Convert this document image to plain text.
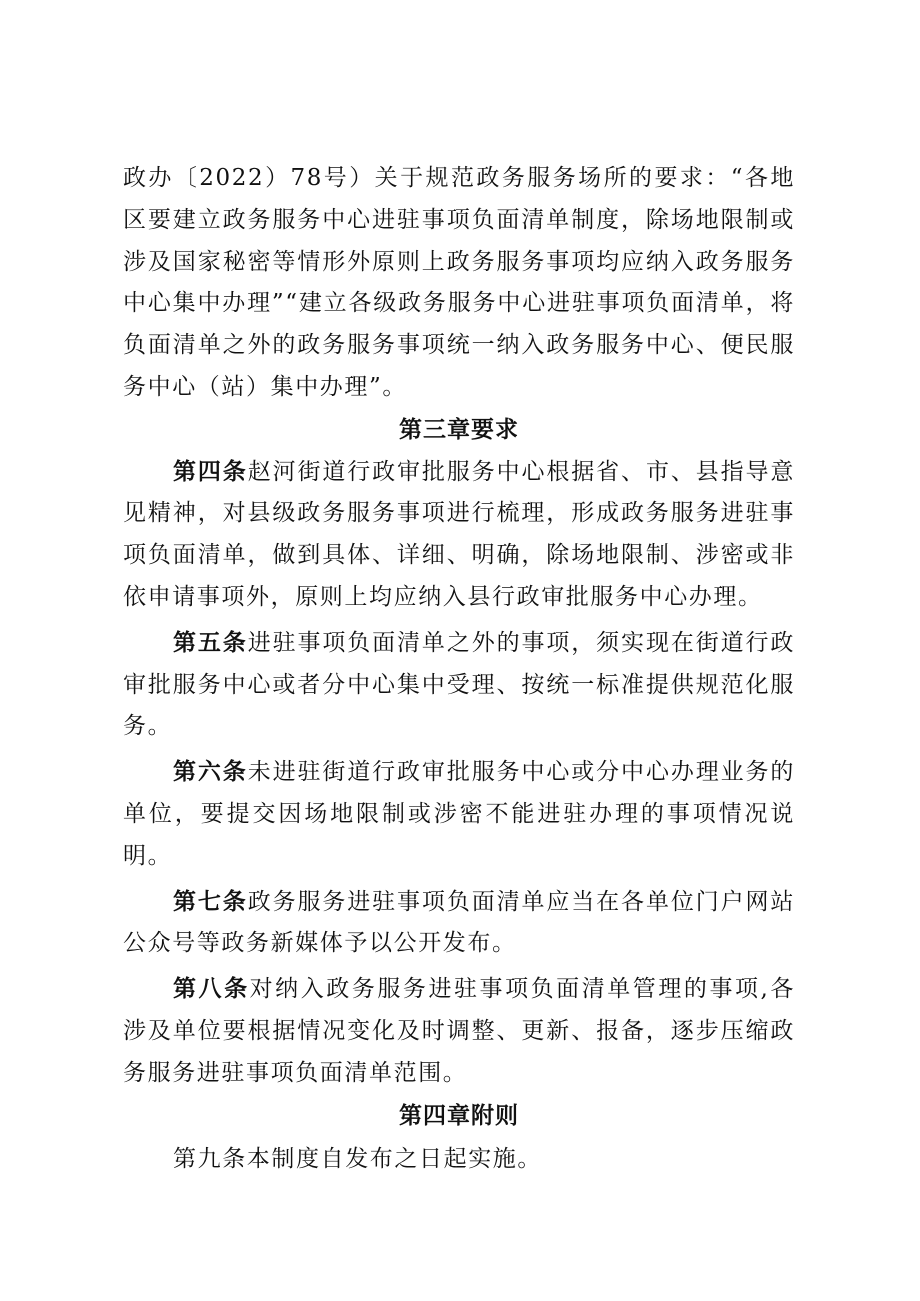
政办〔2022）78号）关于规范政务服务场所的要求：“各地区要建立政务服务中心进驻事项负面清单制度，除场地限制或涉及国家秘密等情形外原则上政务服务事项均应纳入政务服务中心集中办理”“建立各级政务服务中心进驻事项负面清单，将负面清单之外的政务服务事项统一纳入政务服务中心、便民服务中心（站）集中办理”。

第三章要求

第四条赵河街道行政审批服务中心根据省、市、县指导意见精神，对县级政务服务事项进行梳理，形成政务服务进驻事项负面清单，做到具体、详细、明确，除场地限制、涉密或非依申请事项外，原则上均应纳入县行政审批服务中心办理。

第五条进驻事项负面清单之外的事项，须实现在街道行政审批服务中心或者分中心集中受理、按统一标准提供规范化服务。

第六条未进驻街道行政审批服务中心或分中心办理业务的单位，要提交因场地限制或涉密不能进驻办理的事项情况说明。

第七条政务服务进驻事项负面清单应当在各单位门户网站公众号等政务新媒体予以公开发布。

第八条对纳入政务服务进驻事项负面清单管理的事项,各涉及单位要根据情况变化及时调整、更新、报备，逐步压缩政务服务进驻事项负面清单范围。

第四章附则

第九条本制度自发布之日起实施。
